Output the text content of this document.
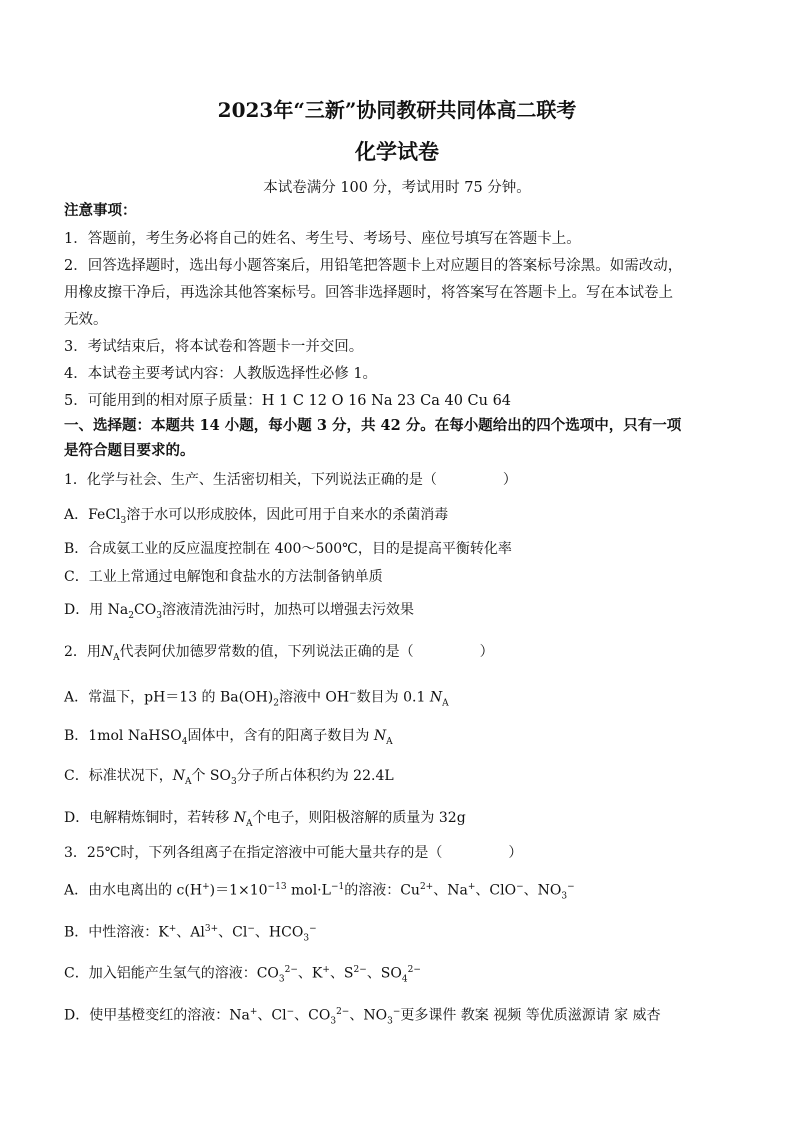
2023年“三新”协同教研共同体高二联考
化学试卷
本试卷满分 100 分，考试用时 75 分钟。
注意事项：
1．答题前，考生务必将自己的姓名、考生号、考场号、座位号填写在答题卡上。
2．回答选择题时，选出每小题答案后，用铅笔把答题卡上对应题目的答案标号涂黑。如需改动，
用橡皮擦干净后，再选涂其他答案标号。回答非选择题时，将答案写在答题卡上。写在本试卷上
无效。
3．考试结束后，将本试卷和答题卡一并交回。
4．本试卷主要考试内容：人教版选择性必修 1。
5．可能用到的相对原子质量：H 1 C 12 O 16 Na 23 Ca 40 Cu 64
一、选择题：本题共 14 小题，每小题 3 分，共 42 分。在每小题给出的四个选项中，只有一项
是符合题目要求的。
1．化学与社会、生产、生活密切相关，下列说法正确的是（	）
A．FeCl$_3$溶于水可以形成胶体，因此可用于自来水的杀菌消毒
B．合成氨工业的反应温度控制在 400～500℃，目的是提高平衡转化率
C．工业上常通过电解饱和食盐水的方法制备钠单质
D．用 $Na_2CO_3$溶液清洗油污时，加热可以增强去污效果
2．用$N_A$代表阿伏加德罗常数的值，下列说法正确的是（	）
A．常温下，pH＝13 的 $Ba(OH)_2$溶液中 OH−数目为 0.1 $N_A$
B．1mol NaHSO$_4$固体中，含有的阳离子数目为 $N_A$
C．标准状况下，$N_A$个 $SO_3$分子所占体积约为 22.4L
D．电解精炼铜时，若转移 $N_A$个电子，则阳极溶解的质量为 32g
3．25℃时，下列各组离子在指定溶液中可能大量共存的是（	）
A．由水电离出的 $c(H^+)=1\times 10^{-13}$ $mol\cdot L^{-1}$的溶液：$Cu^{2+}$、Na+、ClO−、$NO_3^-$
B．中性溶液：K+、$Al^{3+}$、Cl−、$HCO_3^-$
C．加入铝能产生氢气的溶液：$CO_3^{2-}$、K+、$S^{2-}$、$SO_4^{2-}$
D．使甲基橙变红的溶液：Na+、Cl−、$CO_3^{2-}$、$NO_3^-$更多课件 教案 视频 等优质滋源请 家 威杏
